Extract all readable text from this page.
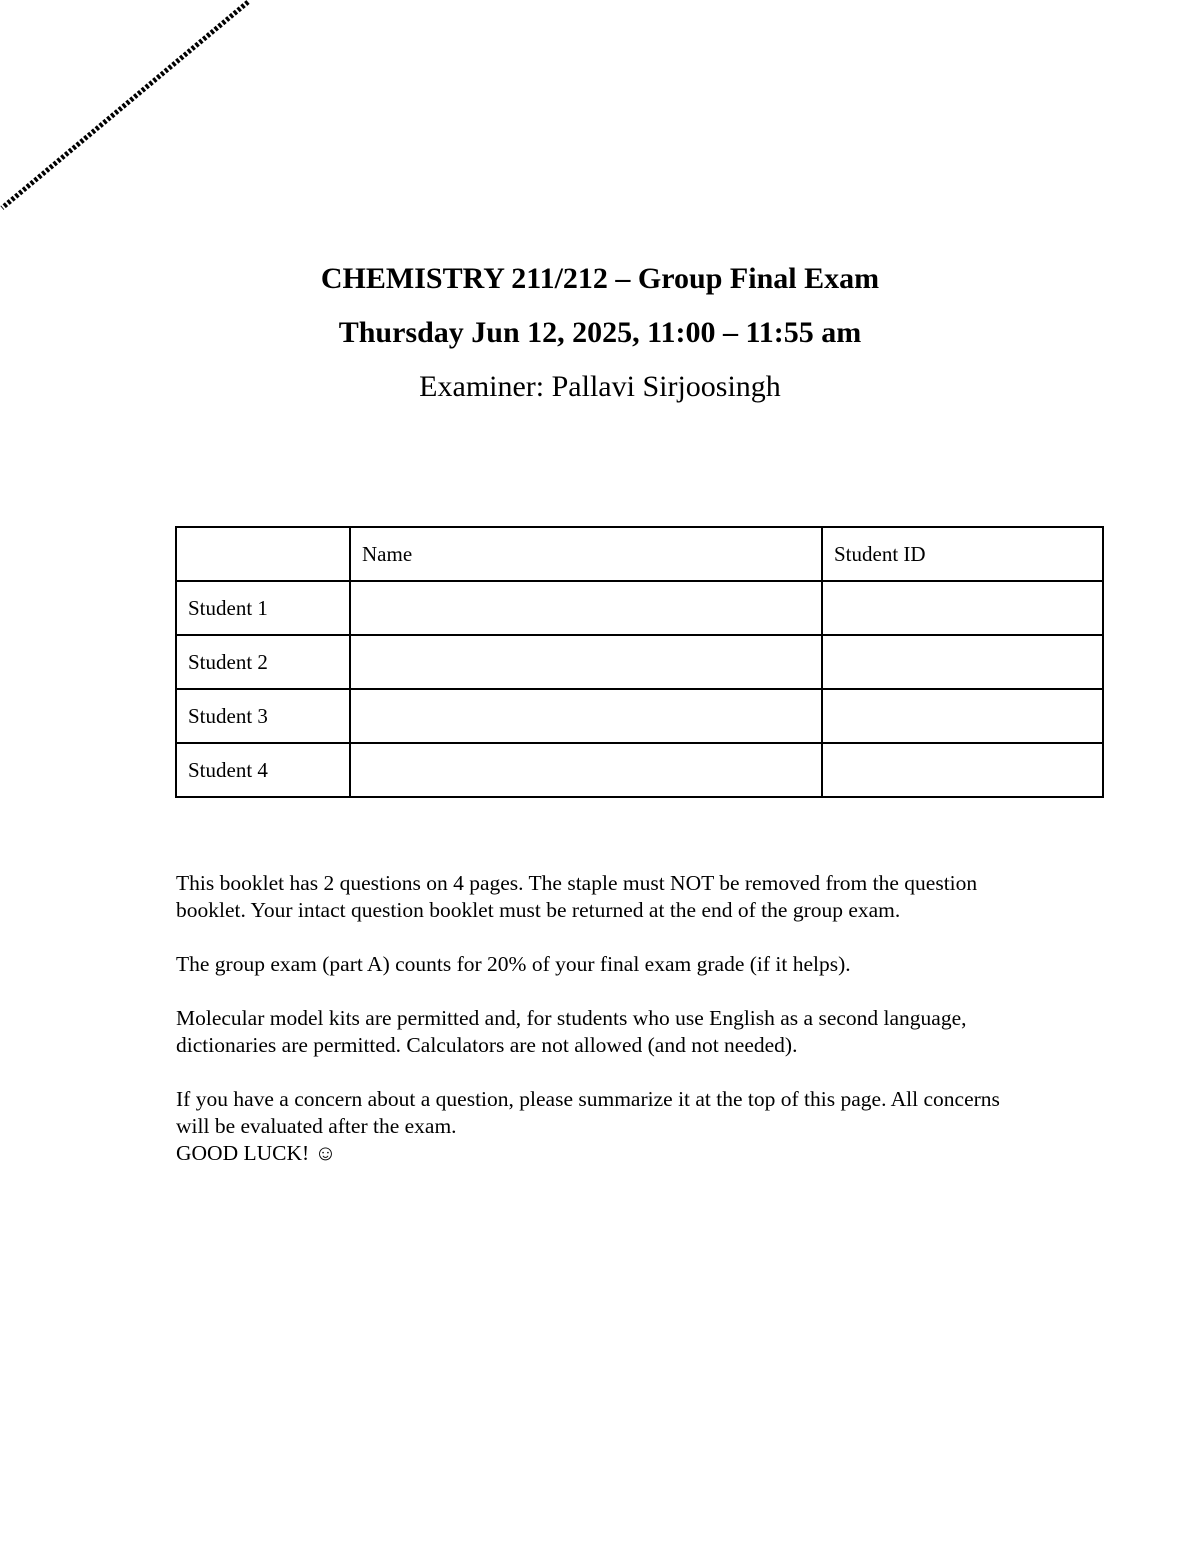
CHEMISTRY 211/212 – Group Final Exam
Thursday Jun 12, 2025, 11:00 – 11:55 am
Examiner: Pallavi Sirjoosingh
	Name	Student ID
Student 1		
Student 2		
Student 3		
Student 4		

This booklet has 2 questions on 4 pages. The staple must NOT be removed from the question booklet. Your intact question booklet must be returned at the end of the group exam.

The group exam (part A) counts for 20% of your final exam grade (if it helps).

Molecular model kits are permitted and, for students who use English as a second language, dictionaries are permitted. Calculators are not allowed (and not needed).

If you have a concern about a question, please summarize it at the top of this page. All concerns will be evaluated after the exam.
GOOD LUCK! ☺
